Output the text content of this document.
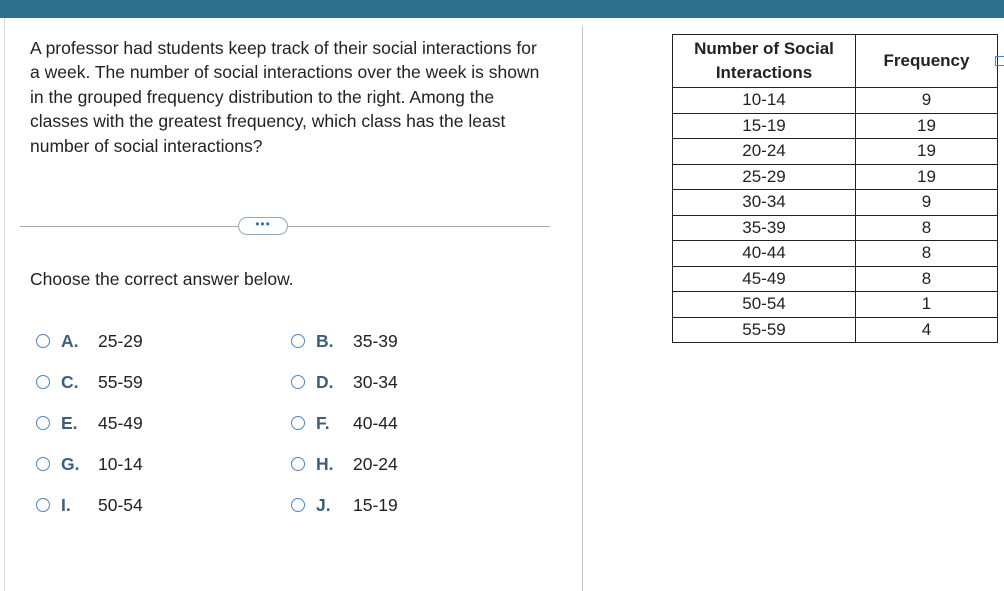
A professor had students keep track of their social interactions for a week. The number of social interactions over the week is shown in the grouped frequency distribution to the right. Among the classes with the greatest frequency, which class has the least number of social interactions?
•••
Choose the correct answer below.
A.	25-29
C.	55-59
E.	45-49
G.	10-14
I.	50-54
B.	35-39
D.	30-34
F.	40-44
H.	20-24
J.	15-19
Number of Social Interactions	Frequency
10-14	9
15-19	19
20-24	19
25-29	19
30-34	9
35-39	8
40-44	8
45-49	8
50-54	1
55-59	4
